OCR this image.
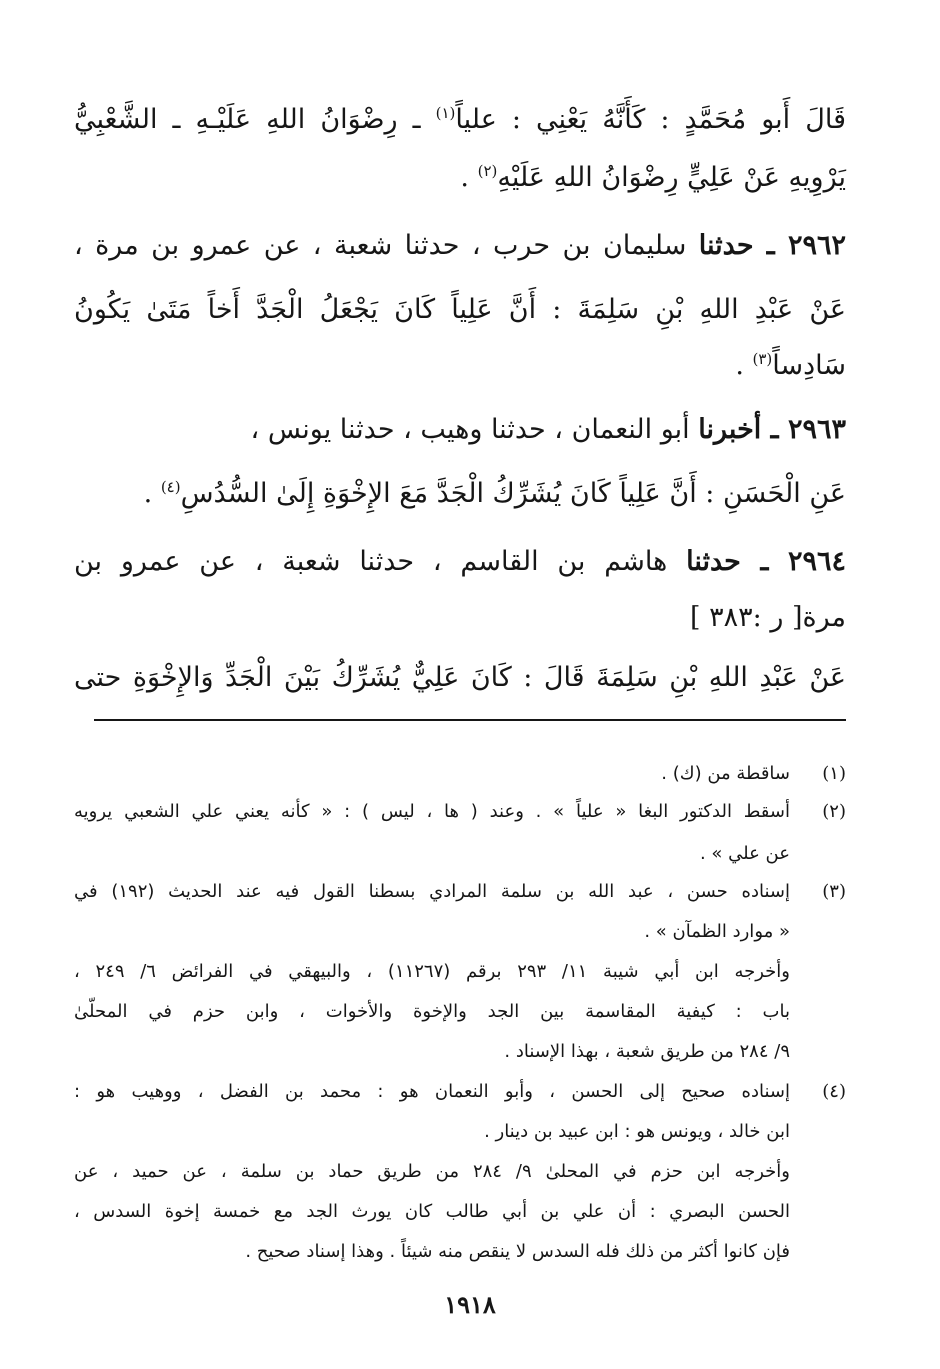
قَالَ أَبو مُحَمَّدٍ : كَأَنَّهُ يَعْنِي : علياً$^{(١)}$ ـ رِضْوَانُ اللهِ عَلَيْـهِ ـ الشَّعْبِيُّ
يَرْوِيهِ عَنْ عَلِيٍّ رِضْوَانُ اللهِ عَلَيْهِ$^{(٢)}$ .
٢٩٦٢ ـ حدثنا سليمان بن حرب ، حدثنا شعبة ، عن عمرو بن مرة ،
عَنْ عَبْدِ اللهِ بْنِ سَلِمَةَ : أَنَّ عَلِياً كَانَ يَجْعَلُ الْجَدَّ أَخاً مَتَىٰ يَكُونُ
سَادِساً$^{(٣)}$ .
٢٩٦٣ ـ أخبرنا أبو النعمان ، حدثنا وهيب ، حدثنا يونس ،
عَنِ الْحَسَنِ : أَنَّ عَلِياً كَانَ يُشَرِّكُ الْجَدَّ مَعَ الإِخْوَةِ إِلَىٰ السُّدُسِ$^{(٤)}$ .
٢٩٦٤ ـ حدثنا هاشم بن القاسم ، حدثنا شعبة ، عن عمرو بن
مرة[ ر :٣٨٣ ]
عَنْ عَبْدِ اللهِ بْنِ سَلِمَةَ قَالَ : كَانَ عَلِيٌّ يُشَرِّكُ بَيْنَ الْجَدِّ وَالإِخْوَةِ حتى
(١)
ساقطة من (ك) .
(٢)
أسقط الدكتور البغا « علياً » . وعند ( ها ، ليس ) : « كأنه يعني علي الشعبي يرويه
عن علي » .
(٣)
إسناده حسن ، عبد الله بن سلمة المرادي بسطنا القول فيه عند الحديث (١٩٢) في
« موارد الظمآن » .
وأخرجه ابن أبي شيبة ١١/ ٢٩٣ برقم (١١٢٦٧) ، والبيهقي في الفرائض ٦/ ٢٤٩ ،
باب : كيفية المقاسمة بين الجد والإخوة والأخوات ، وابن حزم في المحلّىٰ
٩/ ٢٨٤ من طريق شعبة ، بهذا الإسناد .
(٤)
إسناده صحيح إلى الحسن ، وأبو النعمان هو : محمد بن الفضل ، ووهيب هو :
ابن خالد ، ويونس هو : ابن عبيد بن دينار .
وأخرجه ابن حزم في المحلىٰ ٩/ ٢٨٤ من طريق حماد بن سلمة ، عن حميد ، عن
الحسن البصري : أن علي بن أبي طالب كان يورث الجد مع خمسة إخوة السدس ،
فإن كانوا أكثر من ذلك فله السدس لا ينقص منه شيئاً . وهذا إسناد صحيح .
١٩١٨
